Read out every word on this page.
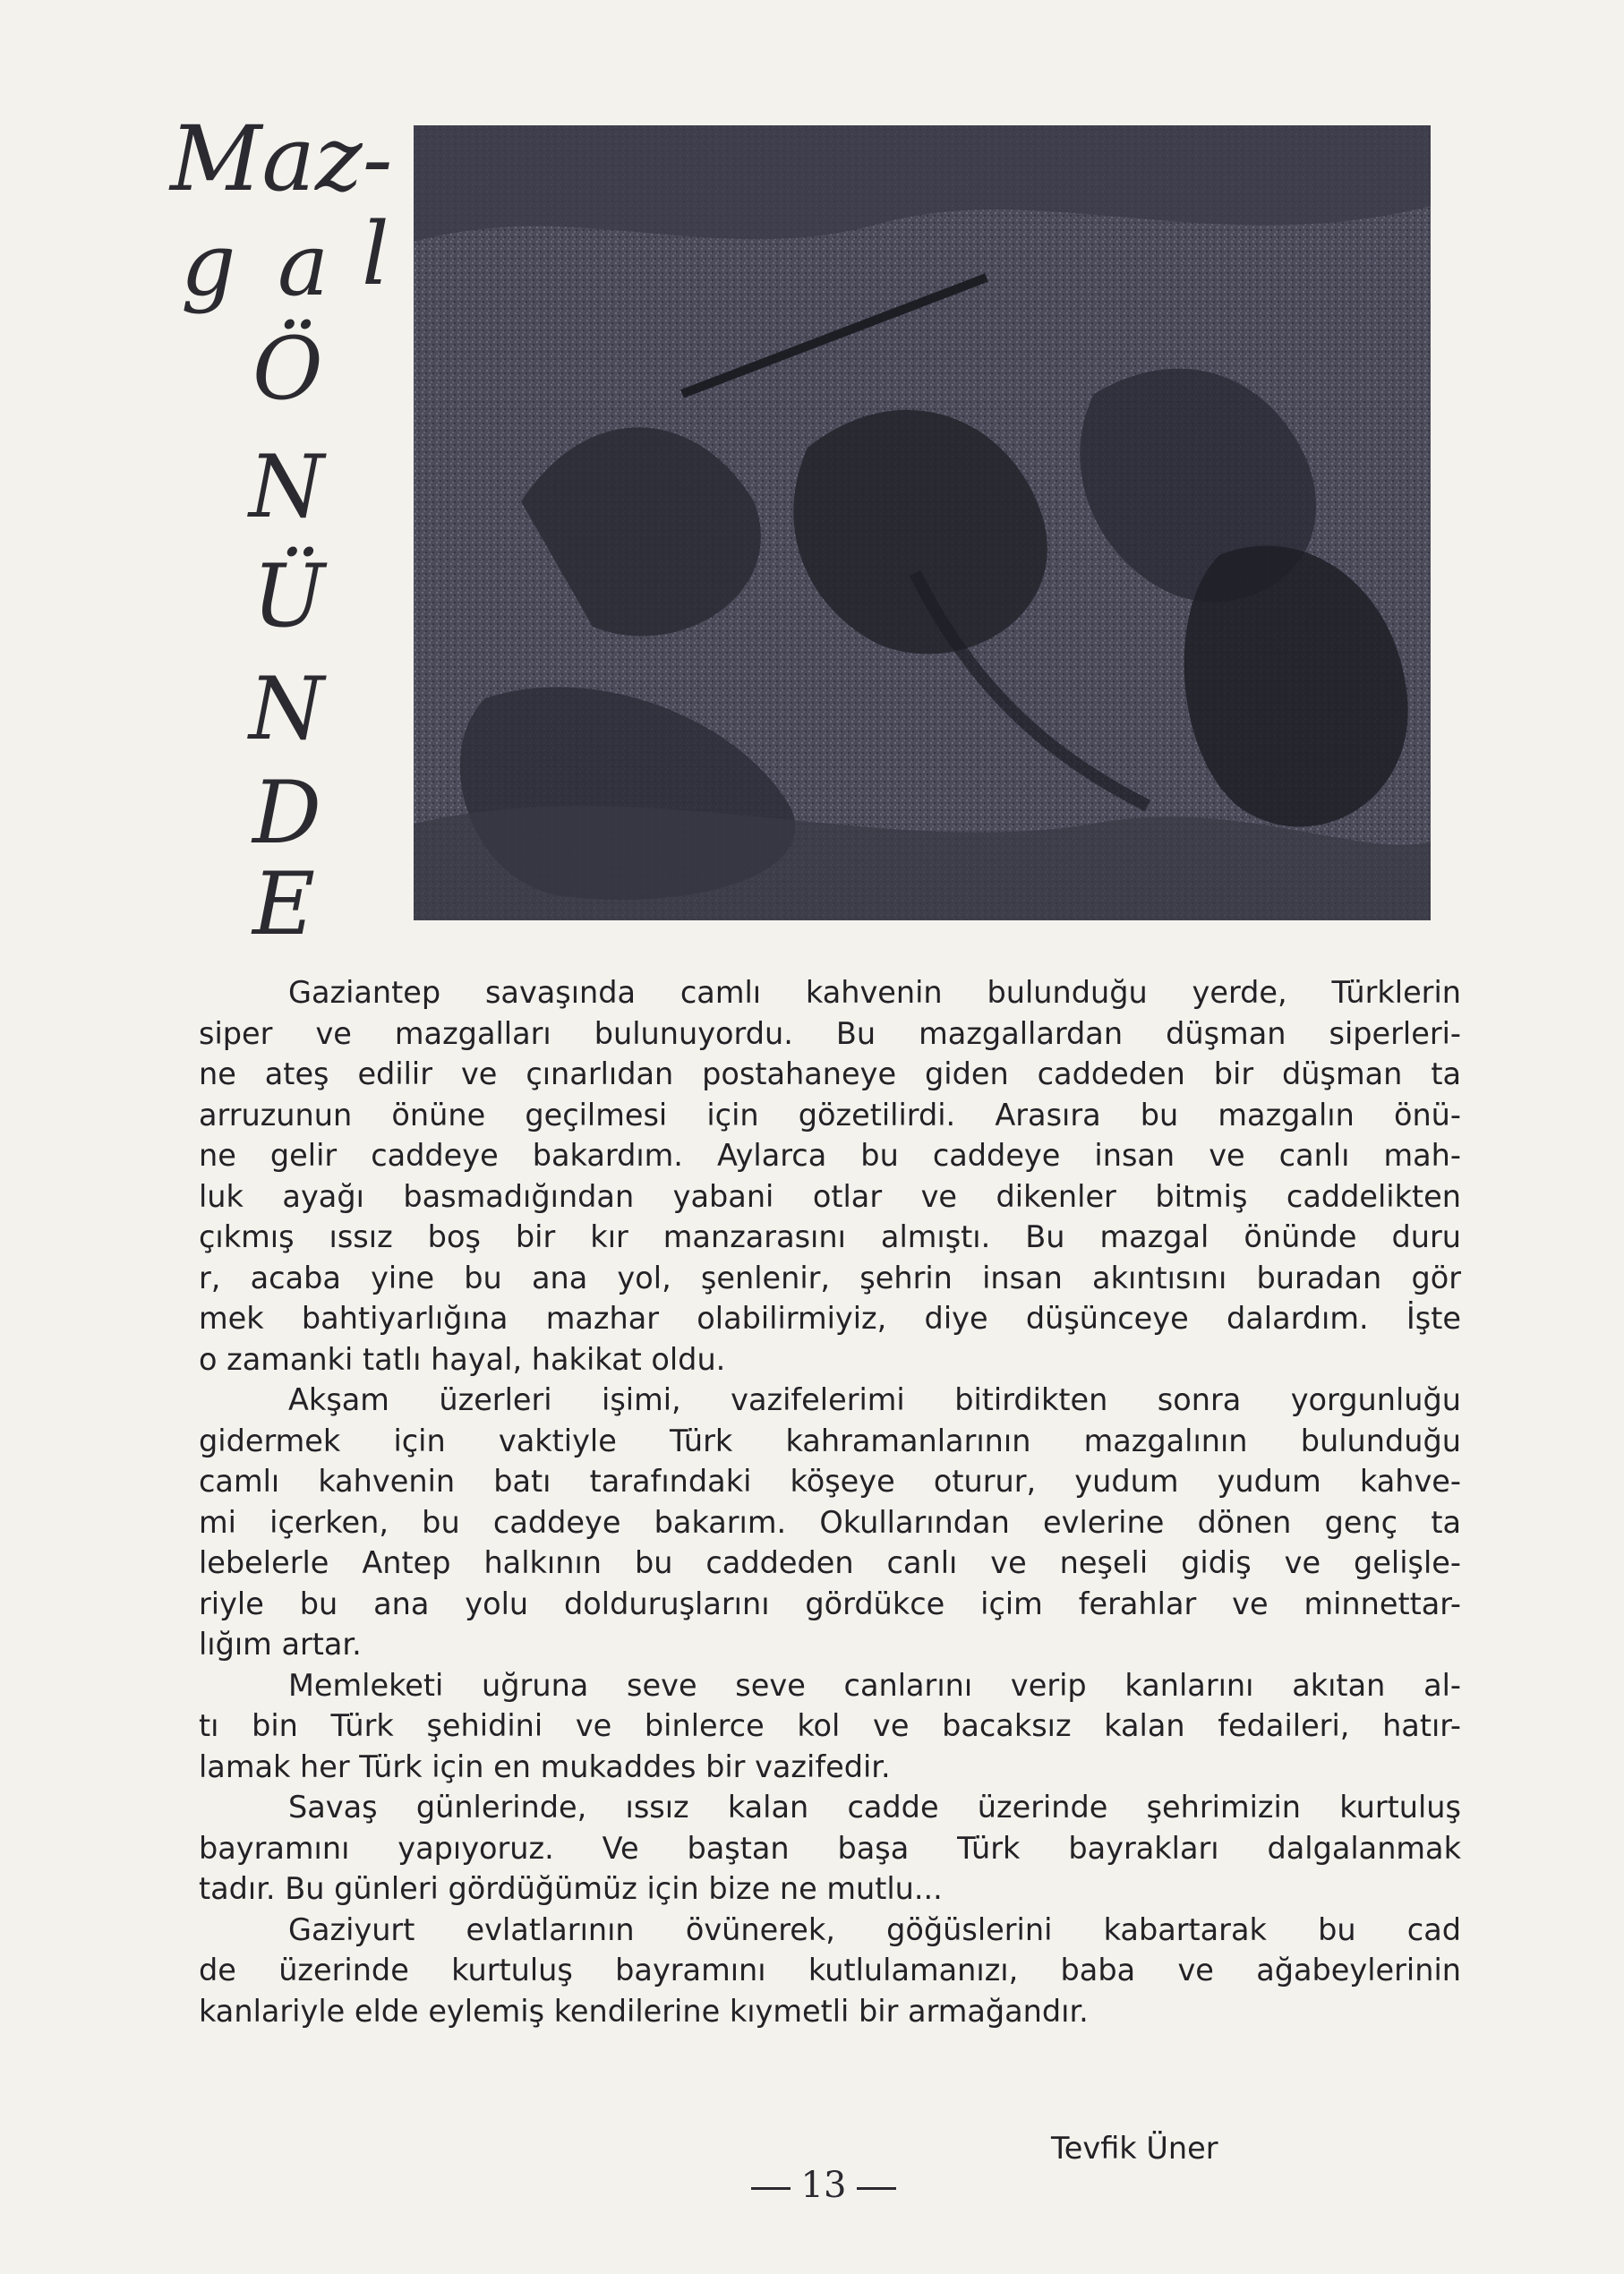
Maz-
g a l
Ö
N
Ü
N
D
E

Gaziantep savaşında camlı kahvenin bulunduğu yerde, Türklerin
siper ve mazgalları bulunuyordu. Bu mazgallardan düşman siperleri-
ne ateş edilir ve çınarlıdan postahaneye giden caddeden bir düşman ta
arruzunun önüne geçilmesi için gözetilirdi. Arasıra bu mazgalın önü-
ne gelir caddeye bakardım. Aylarca bu caddeye insan ve canlı mah-
luk ayağı basmadığından yabani otlar ve dikenler bitmiş caddelikten
çıkmış ıssız boş bir kır manzarasını almıştı. Bu mazgal önünde duru
r, acaba yine bu ana yol, şenlenir, şehrin insan akıntısını buradan gör
mek bahtiyarlığına mazhar olabilirmiyiz, diye düşünceye dalardım. İşte
o zamanki tatlı hayal, hakikat oldu.

Akşam üzerleri işimi, vazifelerimi bitirdikten sonra yorgunluğu
gidermek için vaktiyle Türk kahramanlarının mazgalının bulunduğu
camlı kahvenin batı tarafındaki köşeye oturur, yudum yudum kahve-
mi içerken, bu caddeye bakarım. Okullarından evlerine dönen genç ta
lebelerle Antep halkının bu caddeden canlı ve neşeli gidiş ve gelişle-
riyle bu ana yolu dolduruşlarını gördükce içim ferahlar ve minnettar-
lığım artar.

Memleketi uğruna seve seve canlarını verip kanlarını akıtan al-
tı bin Türk şehidini ve binlerce kol ve bacaksız kalan fedaileri, hatır-
lamak her Türk için en mukaddes bir vazifedir.

Savaş günlerinde, ıssız kalan cadde üzerinde şehrimizin kurtuluş
bayramını yapıyoruz. Ve baştan başa Türk bayrakları dalgalanmak
tadır. Bu günleri gördüğümüz için bize ne mutlu...

Gaziyurt evlatlarının övünerek, göğüslerini kabartarak bu cad
de üzerinde kurtuluş bayramını kutlulamanızı, baba ve ağabeylerinin
kanlariyle elde eylemiş kendilerine kıymetli bir armağandır.

Tevfik Üner
13
